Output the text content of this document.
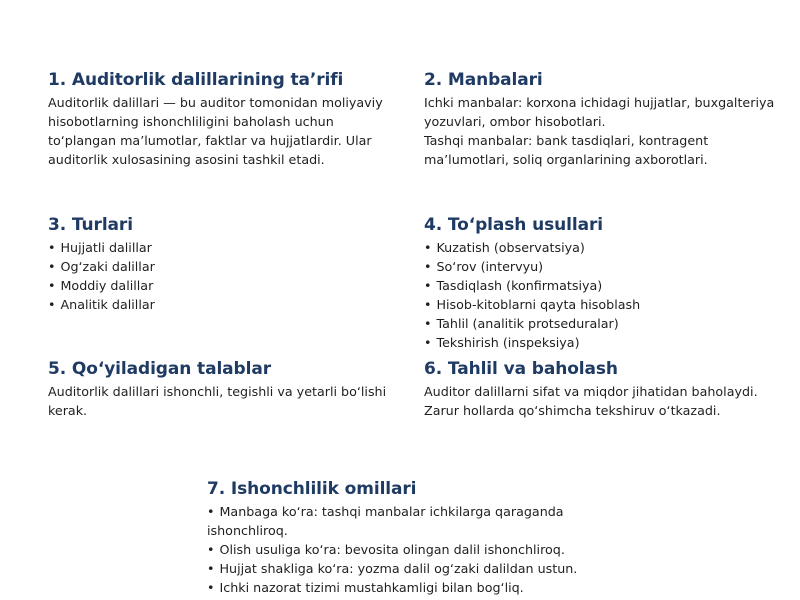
1. Auditorlik dalillarining ta’rifi

Auditorlik dalillari — bu auditor tomonidan moliyaviy hisobotlarning ishonchliligini baholash uchun to‘plangan ma’lumotlar, faktlar va hujjatlardir. Ular auditorlik xulosasining asosini tashkil etadi.

2. Manbalari

Ichki manbalar: korxona ichidagi hujjatlar, buxgalteriya yozuvlari, ombor hisobotlari.

Tashqi manbalar: bank tasdiqlari, kontragent ma’lumotlari, soliq organlarining axborotlari.

3. Turlari
• Hujjatli dalillar
• Og‘zaki dalillar
• Moddiy dalillar
• Analitik dalillar
4. To‘plash usullari
• Kuzatish (observatsiya)
• So‘rov (intervyu)
• Tasdiqlash (konfirmatsiya)
• Hisob-kitoblarni qayta hisoblash
• Tahlil (analitik protseduralar)
• Tekshirish (inspeksiya)
5. Qo‘yiladigan talablar

Auditorlik dalillari ishonchli, tegishli va yetarli bo‘lishi kerak.

6. Tahlil va baholash

Auditor dalillarni sifat va miqdor jihatidan baholaydi. Zarur hollarda qo‘shimcha tekshiruv o‘tkazadi.

7. Ishonchlilik omillari
• Manbaga ko‘ra: tashqi manbalar ichkilarga qaraganda ishonchliroq.
• Olish usuliga ko‘ra: bevosita olingan dalil ishonchliroq.
• Hujjat shakliga ko‘ra: yozma dalil og‘zaki dalildan ustun.
• Ichki nazorat tizimi mustahkamligi bilan bog‘liq.
